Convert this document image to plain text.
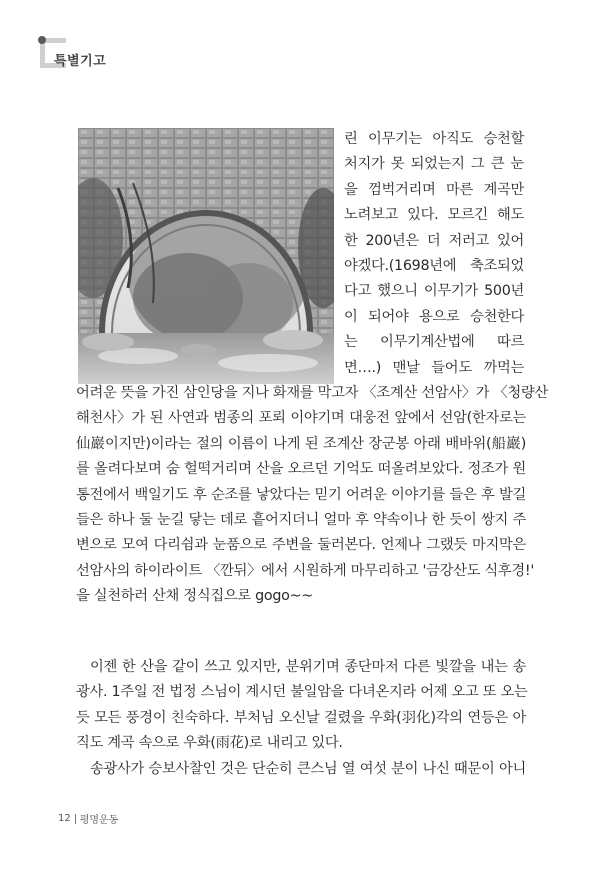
특별기고

린 이무기는 아직도 승천할

처지가 못 되었는지 그 큰 눈

을 껌벅거리며 마른 계곡만

노려보고 있다. 모르긴 해도

한 200년은 더 저러고 있어

야겠다.(1698년에 축조되었

다고 했으니 이무기가 500년

이 되어야 용으로 승천한다

는 이무기계산법에 따르

면….) 맨날 들어도 까먹는

어려운 뜻을 가진 삼인당을 지나 화재를 막고자 〈조계산 선암사〉가 〈청량산

해천사〉가 된 사연과 범종의 포뢰 이야기며 대웅전 앞에서 선암(한자로는

仙巖이지만)이라는 절의 이름이 나게 된 조계산 장군봉 아래 배바위(船巖)

를 올려다보며 숨 헐떡거리며 산을 오르던 기억도 떠올려보았다. 정조가 원

통전에서 백일기도 후 순조를 낳았다는 믿기 어려운 이야기를 들은 후 발길

들은 하나 둘 눈길 닿는 데로 흩어지더니 얼마 후 약속이나 한 듯이 쌍지 주

변으로 모여 다리쉼과 눈품으로 주변을 둘러본다. 언제나 그랬듯 마지막은

선암사의 하이라이트 〈깐뒤〉에서 시원하게 마무리하고 '금강산도 식후경!'

을 실천하러 산채 정식집으로 gogo~~

이젠 한 산을 같이 쓰고 있지만, 분위기며 종단마저 다른 빛깔을 내는 송

광사. 1주일 전 법정 스님이 계시던 불일암을 다녀온지라 어제 오고 또 오는

듯 모든 풍경이 친숙하다. 부처님 오신날 걸렸을 우화(羽化)각의 연등은 아

직도 계곡 속으로 우화(雨花)로 내리고 있다.

송광사가 승보사찰인 것은 단순히 큰스님 열 여섯 분이 나신 때문이 아니

12 평명운동
